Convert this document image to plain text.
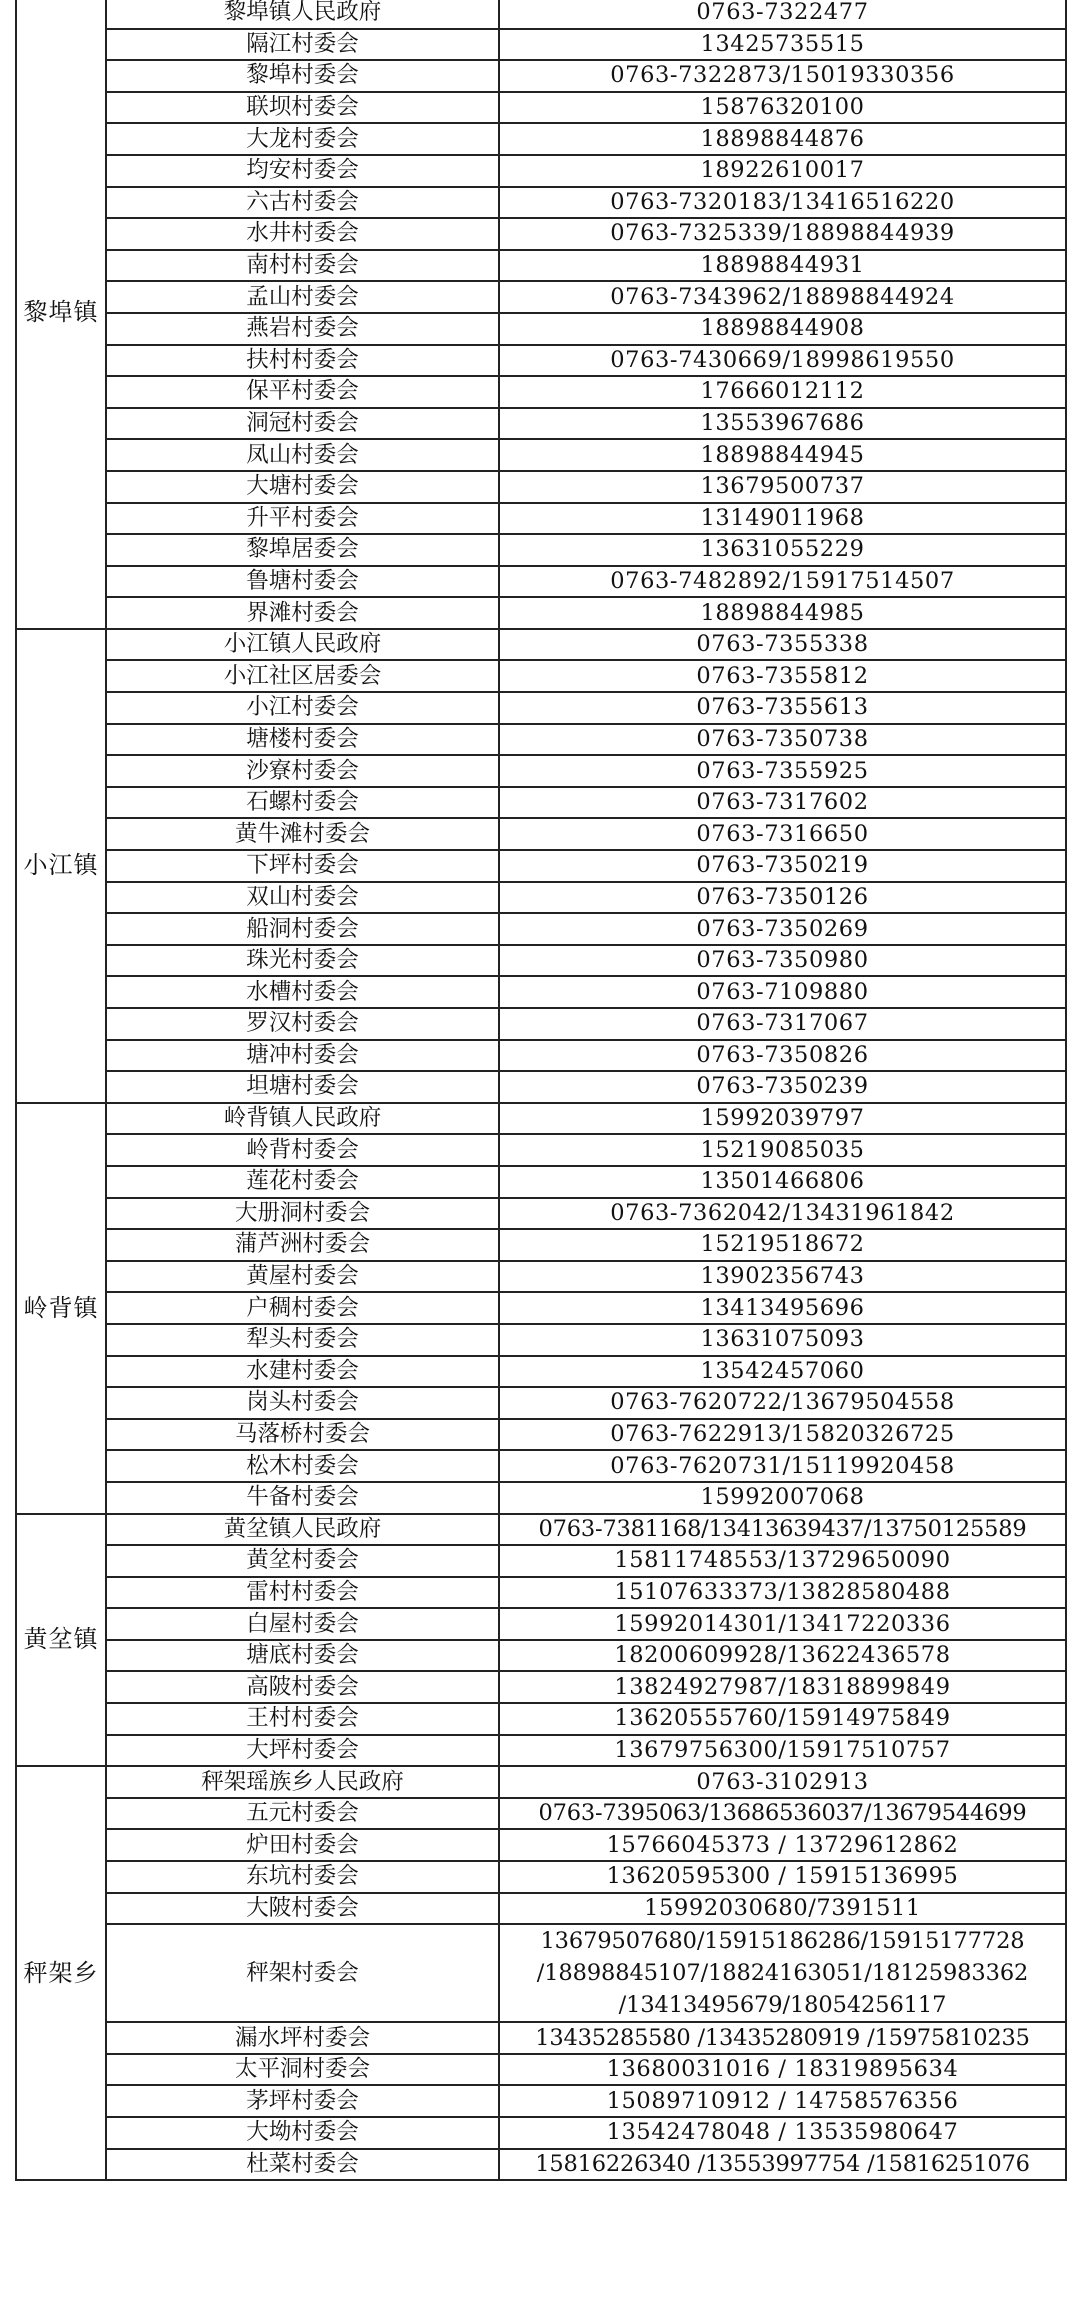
黎埠镇	黎埠镇人民政府	0763-7322477
	隔江村委会	13425735515
	黎埠村委会	0763-7322873/15019330356
	联坝村委会	15876320100
	大龙村委会	18898844876
	均安村委会	18922610017
	六古村委会	0763-7320183/13416516220
	水井村委会	0763-7325339/18898844939
	南村村委会	18898844931
	孟山村委会	0763-7343962/18898844924
	燕岩村委会	18898844908
	扶村村委会	0763-7430669/18998619550
	保平村委会	17666012112
	洞冠村委会	13553967686
	凤山村委会	18898844945
	大塘村委会	13679500737
	升平村委会	13149011968
	黎埠居委会	13631055229
	鲁塘村委会	0763-7482892/15917514507
	界滩村委会	18898844985
小江镇	小江镇人民政府	0763-7355338
	小江社区居委会	0763-7355812
	小江村委会	0763-7355613
	塘楼村委会	0763-7350738
	沙寮村委会	0763-7355925
	石螺村委会	0763-7317602
	黄牛滩村委会	0763-7316650
	下坪村委会	0763-7350219
	双山村委会	0763-7350126
	船洞村委会	0763-7350269
	珠光村委会	0763-7350980
	水槽村委会	0763-7109880
	罗汉村委会	0763-7317067
	塘冲村委会	0763-7350826
	坦塘村委会	0763-7350239
岭背镇	岭背镇人民政府	15992039797
	岭背村委会	15219085035
	莲花村委会	13501466806
	大册洞村委会	0763-7362042/13431961842
	蒲芦洲村委会	15219518672
	黄屋村委会	13902356743
	户稠村委会	13413495696
	犁头村委会	13631075093
	水建村委会	13542457060
	岗头村委会	0763-7620722/13679504558
	马落桥村委会	0763-7622913/15820326725
	松木村委会	0763-7620731/15119920458
	牛备村委会	15992007068
黄坌镇	黄坌镇人民政府	0763-7381168/13413639437/13750125589
	黄坌村委会	15811748553/13729650090
	雷村村委会	15107633373/13828580488
	白屋村委会	15992014301/13417220336
	塘底村委会	18200609928/13622436578
	高陂村委会	13824927987/18318899849
	王村村委会	13620555760/15914975849
	大坪村委会	13679756300/15917510757
秤架乡	秤架瑶族乡人民政府	0763-3102913
	五元村委会	0763-7395063/13686536037/13679544699
	炉田村委会	15766045373 / 13729612862
	东坑村委会	13620595300 / 15915136995
	大陂村委会	15992030680/7391511
	秤架村委会	13679507680/15915186286/15915177728
/18898845107/18824163051/18125983362
/13413495679/18054256117

	漏水坪村委会	13435285580 /13435280919 /15975810235
	太平洞村委会	13680031016 / 18319895634
	茅坪村委会	15089710912 / 14758576356
	大坳村委会	13542478048 / 13535980647
	杜菜村委会	15816226340 /13553997754 /15816251076
